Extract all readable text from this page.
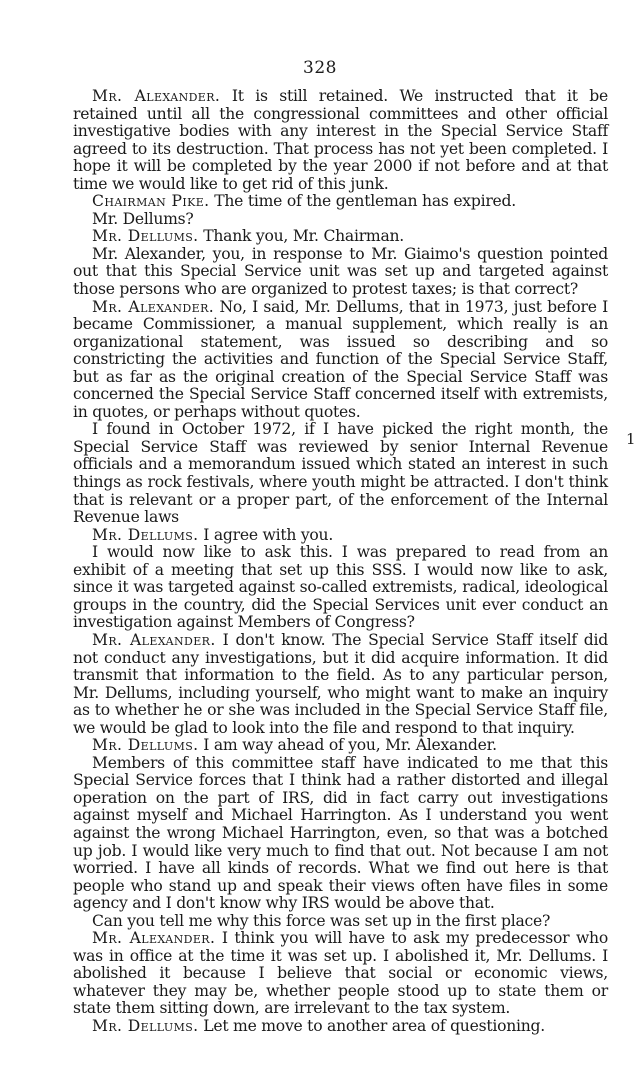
328

Mr. Alexander. It is still retained. We instructed that it be retained until all the congressional committees and other official investigative bodies with any interest in the Special Service Staff agreed to its destruction. That process has not yet been completed. I hope it will be completed by the year 2000 if not before and at that time we would like to get rid of this junk.

Chairman Pike. The time of the gentleman has expired.

Mr. Dellums?

Mr. Dellums. Thank you, Mr. Chairman.

Mr. Alexander, you, in response to Mr. Giaimo's question pointed out that this Special Service unit was set up and targeted against those persons who are organized to protest taxes; is that correct?

Mr. Alexander. No, I said, Mr. Dellums, that in 1973, just before I became Commissioner, a manual supplement, which really is an organizational statement, was issued so describing and so constricting the activities and function of the Special Service Staff, but as far as the original creation of the Special Service Staff was concerned the Special Service Staff concerned itself with extremists, in quotes, or perhaps without quotes.

I found in October 1972, if I have picked the right month, the Special Service Staff was reviewed by senior Internal Revenue officials and a memorandum issued which stated an interest in such things as rock festivals, where youth might be attracted. I don't think that is relevant or a proper part, of the enforcement of the Internal Revenue laws

Mr. Dellums. I agree with you.

I would now like to ask this. I was prepared to read from an exhibit of a meeting that set up this SSS. I would now like to ask, since it was targeted against so-called extremists, radical, ideological groups in the country, did the Special Services unit ever conduct an investigation against Members of Congress?

Mr. Alexander. I don't know. The Special Service Staff itself did not conduct any investigations, but it did acquire information. It did transmit that information to the field. As to any particular person, Mr. Dellums, including yourself, who might want to make an inquiry as to whether he or she was included in the Special Service Staff file, we would be glad to look into the file and respond to that inquiry.

Mr. Dellums. I am way ahead of you, Mr. Alexander.

Members of this committee staff have indicated to me that this Special Service forces that I think had a rather distorted and illegal operation on the part of IRS, did in fact carry out investigations against myself and Michael Harrington. As I understand you went against the wrong Michael Harrington, even, so that was a botched up job. I would like very much to find that out. Not because I am not worried. I have all kinds of records. What we find out here is that people who stand up and speak their views often have files in some agency and I don't know why IRS would be above that.

Can you tell me why this force was set up in the first place?

Mr. Alexander. I think you will have to ask my predecessor who was in office at the time it was set up. I abolished it, Mr. Dellums. I abolished it because I believe that social or economic views, whatever they may be, whether people stood up to state them or state them sitting down, are irrelevant to the tax system.

Mr. Dellums. Let me move to another area of questioning.

1
